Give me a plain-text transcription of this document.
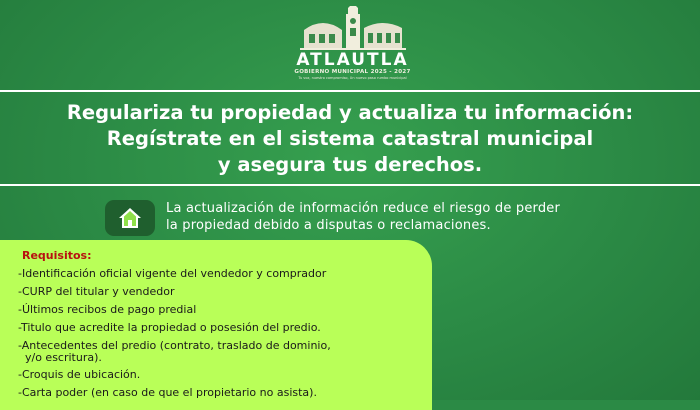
ATLAUTLA
GOBIERNO MUNICIPAL 2025 - 2027
Tu voz, nuestro compromiso, Un nuevo paso rumbo municipal
Regulariza tu propiedad y actualiza tu información:
Regístrate en el sistema catastral municipal
y asegura tus derechos.
La actualización de información reduce el riesgo de perder
la propiedad debido a disputas o reclamaciones.
Requisitos:
-Identificación oficial vigente del vendedor y comprador
-CURP del titular y vendedor
-Últimos recibos de pago predial
-Titulo que acredite la propiedad o posesión del predio.
-Antecedentes del predio (contrato, traslado de dominio,
y/o escritura).
-Croquis de ubicación.
-Carta poder (en caso de que el propietario no asista).
